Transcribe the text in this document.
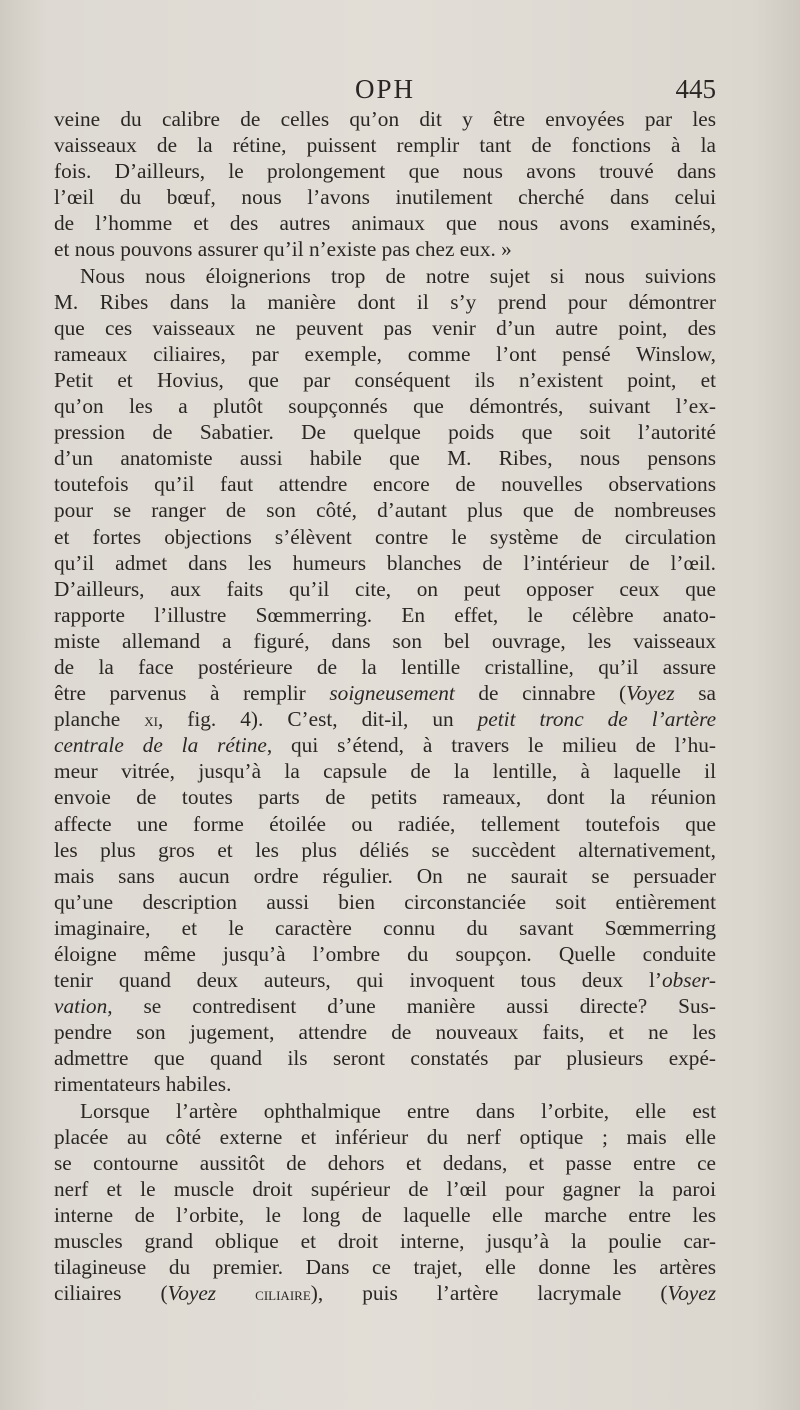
OPH	445
veine du calibre de celles qu’on dit y être envoyées par les
vaisseaux de la rétine, puissent remplir tant de fonctions à la
fois. D’ailleurs, le prolongement que nous avons trouvé dans
l’œil du bœuf, nous l’avons inutilement cherché dans celui
de l’homme et des autres animaux que nous avons examinés,
et nous pouvons assurer qu’il n’existe pas chez eux. »
Nous nous éloignerions trop de notre sujet si nous suivions
M. Ribes dans la manière dont il s’y prend pour démontrer
que ces vaisseaux ne peuvent pas venir d’un autre point, des
rameaux ciliaires, par exemple, comme l’ont pensé Winslow,
Petit et Hovius, que par conséquent ils n’existent point, et
qu’on les a plutôt soupçonnés que démontrés, suivant l’ex-
pression de Sabatier. De quelque poids que soit l’autorité
d’un anatomiste aussi habile que M. Ribes, nous pensons
toutefois qu’il faut attendre encore de nouvelles observations
pour se ranger de son côté, d’autant plus que de nombreuses
et fortes objections s’élèvent contre le système de circulation
qu’il admet dans les humeurs blanches de l’intérieur de l’œil.
D’ailleurs, aux faits qu’il cite, on peut opposer ceux que
rapporte l’illustre Sœmmerring. En effet, le célèbre anato-
miste allemand a figuré, dans son bel ouvrage, les vaisseaux
de la face postérieure de la lentille cristalline, qu’il assure
être parvenus à remplir soigneusement de cinnabre (Voyez sa
planche xi, fig. 4). C’est, dit-il, un petit tronc de l’artère
centrale de la rétine, qui s’étend, à travers le milieu de l’hu-
meur vitrée, jusqu’à la capsule de la lentille, à laquelle il
envoie de toutes parts de petits rameaux, dont la réunion
affecte une forme étoilée ou radiée, tellement toutefois que
les plus gros et les plus déliés se succèdent alternativement,
mais sans aucun ordre régulier. On ne saurait se persuader
qu’une description aussi bien circonstanciée soit entièrement
imaginaire, et le caractère connu du savant Sœmmerring
éloigne même jusqu’à l’ombre du soupçon. Quelle conduite
tenir quand deux auteurs, qui invoquent tous deux l’obser-
vation, se contredisent d’une manière aussi directe? Sus-
pendre son jugement, attendre de nouveaux faits, et ne les
admettre que quand ils seront constatés par plusieurs expé-
rimentateurs habiles.
Lorsque l’artère ophthalmique entre dans l’orbite, elle est
placée au côté externe et inférieur du nerf optique ; mais elle
se contourne aussitôt de dehors et dedans, et passe entre ce
nerf et le muscle droit supérieur de l’œil pour gagner la paroi
interne de l’orbite, le long de laquelle elle marche entre les
muscles grand oblique et droit interne, jusqu’à la poulie car-
tilagineuse du premier. Dans ce trajet, elle donne les artères
ciliaires (Voyez ciliaire), puis l’artère lacrymale (Voyez
